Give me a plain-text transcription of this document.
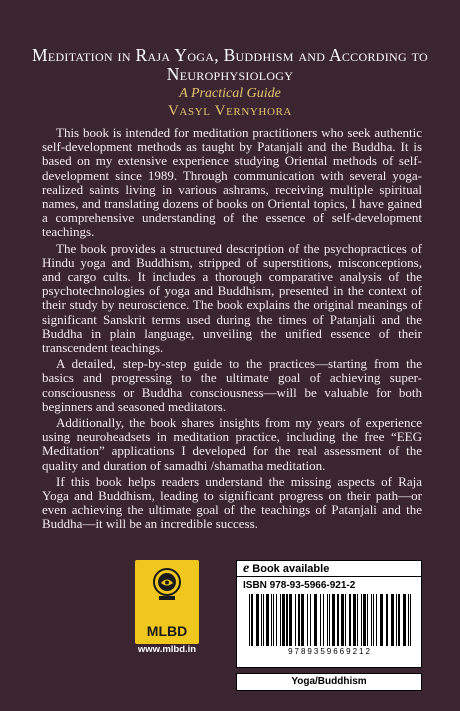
Meditation in Raja Yoga, Buddhism and According to Neurophysiology
A Practical Guide
Vasyl Vernyhora

This book is intended for meditation practitioners who seek authentic self-development methods as taught by Patanjali and the Buddha. It is based on my extensive experience studying Oriental methods of self-development since 1989. Through communication with several yoga-realized saints living in various ashrams, receiving multiple spiritual names, and translating dozens of books on Oriental topics, I have gained a comprehensive understanding of the essence of self-development teachings.

The book provides a structured description of the psychopractices of Hindu yoga and Buddhism, stripped of superstitions, misconceptions, and cargo cults. It includes a thorough comparative analysis of the psychotechnologies of yoga and Buddhism, presented in the context of their study by neuroscience. The book explains the original meanings of significant Sanskrit terms used during the times of Patanjali and the Buddha in plain language, unveiling the unified essence of their transcendent teachings.

A detailed, step-by-step guide to the practices—starting from the basics and progressing to the ultimate goal of achieving super-consciousness or Buddha consciousness—will be valuable for both beginners and seasoned meditators.

Additionally, the book shares insights from my years of experience using neuroheadsets in meditation practice, including the free “EEG Meditation” applications I developed for the real assessment of the quality and duration of samadhi /shamatha meditation.

If this book helps readers understand the missing aspects of Raja Yoga and Buddhism, leading to significant progress on their path—or even achieving the ultimate goal of the teachings of Patanjali and the Buddha—it will be an incredible success.

MLBD
www.mlbd.in
e Book available
ISBN 978-93-5966-921-2
9789359669212
Yoga/Buddhism
